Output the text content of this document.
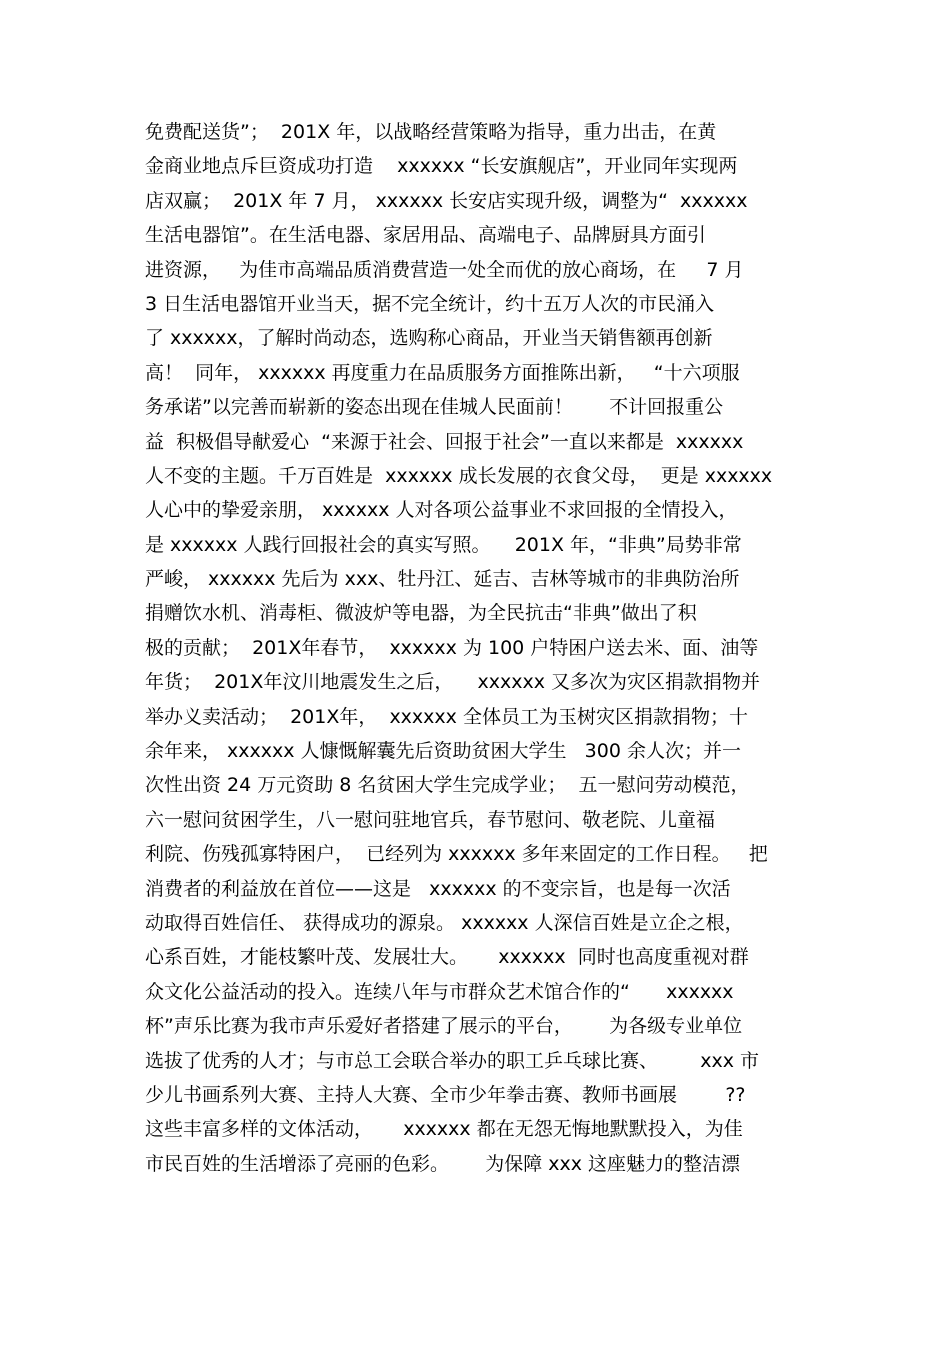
免费配送货”；  201X 年，以战略经营策略为指导，重力出击，在黄
金商业地点斥巨资成功打造    xxxxxx “长安旗舰店”，开业同年实现两
店双赢；  201X 年 7 月， xxxxxx 长安店实现升级，调整为“  xxxxxx
生活电器馆”。在生活电器、家居用品、高端电子、品牌厨具方面引
进资源，   为佳市高端品质消费营造一处全而优的放心商场，在     7 月
3 日生活电器馆开业当天，据不完全统计，约十五万人次的市民涌入
了 xxxxxx，了解时尚动态，选购称心商品，开业当天销售额再创新
高！  同年， xxxxxx 再度重力在品质服务方面推陈出新，   “十六项服
务承诺”以完善而崭新的姿态出现在佳城人民面前！      不计回报重公
益  积极倡导献爱心  “来源于社会、回报于社会”一直以来都是  xxxxxx
人不变的主题。千万百姓是  xxxxxx 成长发展的衣食父母，  更是 xxxxxx
人心中的挚爱亲朋， xxxxxx 人对各项公益事业不求回报的全情投入，
是 xxxxxx 人践行回报社会的真实写照。    201X 年，“非典”局势非常
严峻， xxxxxx 先后为 xxx、牡丹江、延吉、吉林等城市的非典防治所
捐赠饮水机、消毒柜、微波炉等电器，为全民抗击“非典”做出了积
极的贡献；  201X年春节，  xxxxxx 为 100 户特困户送去米、面、油等
年货；  201X年汶川地震发生之后，    xxxxxx 又多次为灾区捐款捐物并
举办义卖活动；  201X年，  xxxxxx 全体员工为玉树灾区捐款捐物；十
余年来， xxxxxx 人慷慨解囊先后资助贫困大学生   300 余人次；并一
次性出资 24 万元资助 8 名贫困大学生完成学业；  五一慰问劳动模范，
六一慰问贫困学生，八一慰问驻地官兵，春节慰问、敬老院、儿童福
利院、伤残孤寡特困户，  已经列为 xxxxxx 多年来固定的工作日程。   把
消费者的利益放在首位——这是   xxxxxx 的不变宗旨，也是每一次活
动取得百姓信任、 获得成功的源泉。 xxxxxx 人深信百姓是立企之根，
心系百姓，才能枝繁叶茂、发展壮大。     xxxxxx  同时也高度重视对群
众文化公益活动的投入。连续八年与市群众艺术馆合作的“      xxxxxx
杯”声乐比赛为我市声乐爱好者搭建了展示的平台，      为各级专业单位
选拔了优秀的人才；与市总工会联合举办的职工乒乓球比赛、       xxx 市
少儿书画系列大赛、主持人大赛、全市少年拳击赛、教师书画展        ??
这些丰富多样的文体活动，     xxxxxx 都在无怨无悔地默默投入，为佳
市民百姓的生活增添了亮丽的色彩。      为保障 xxx 这座魅力的整洁漂
